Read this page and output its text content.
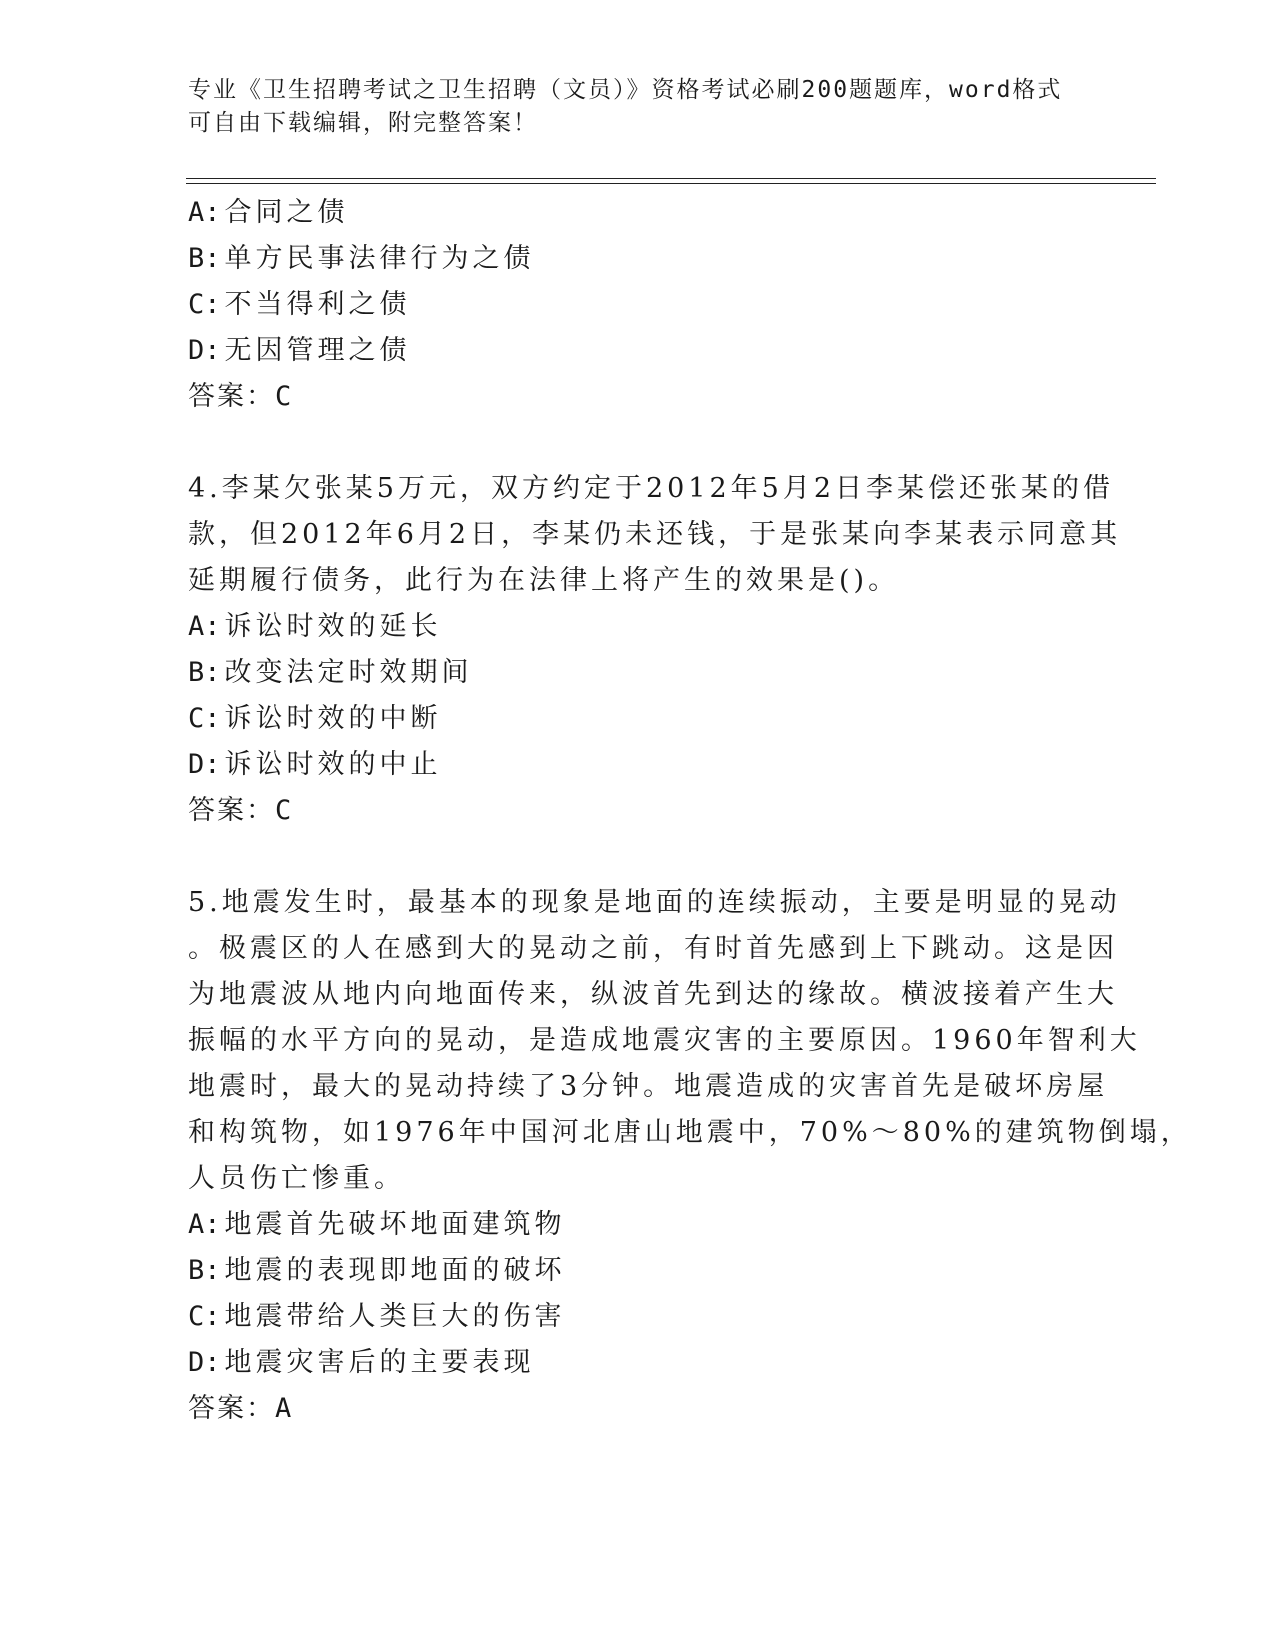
专业《卫生招聘考试之卫生招聘（文员）》资格考试必刷200题题库，word格式
可自由下载编辑，附完整答案！
A: 合同之债
B: 单方民事法律行为之债
C: 不当得利之债
D: 无因管理之债
答案：C
4.李某欠张某5万元，双方约定于2012年5月2日李某偿还张某的借
款，但2012年6月2日，李某仍未还钱，于是张某向李某表示同意其
延期履行债务，此行为在法律上将产生的效果是()。
A: 诉讼时效的延长
B: 改变法定时效期间
C: 诉讼时效的中断
D: 诉讼时效的中止
答案：C
5.地震发生时，最基本的现象是地面的连续振动，主要是明显的晃动
。极震区的人在感到大的晃动之前，有时首先感到上下跳动。这是因
为地震波从地内向地面传来，纵波首先到达的缘故。横波接着产生大
振幅的水平方向的晃动，是造成地震灾害的主要原因。1960年智利大
地震时，最大的晃动持续了3分钟。地震造成的灾害首先是破坏房屋
和构筑物，如1976年中国河北唐山地震中，70%～80%的建筑物倒塌，
人员伤亡惨重。
A: 地震首先破坏地面建筑物
B: 地震的表现即地面的破坏
C: 地震带给人类巨大的伤害
D: 地震灾害后的主要表现
答案：A
